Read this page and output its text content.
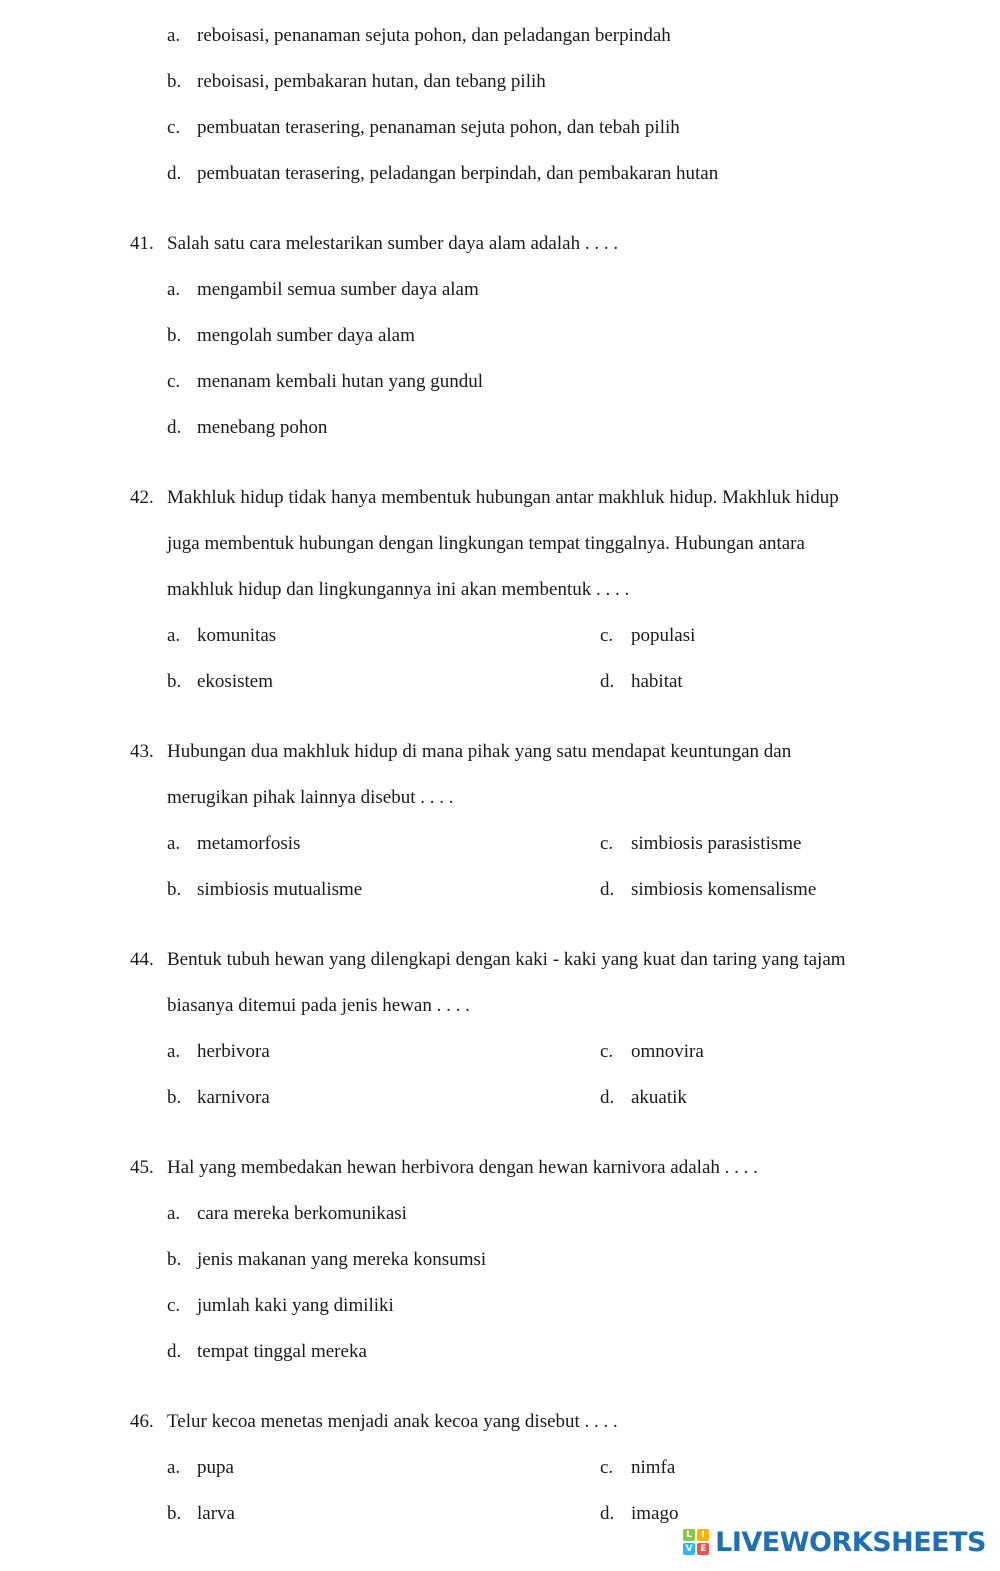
a. reboisasi, penanaman sejuta pohon, dan peladangan berpindah
b. reboisasi, pembakaran hutan, dan tebang pilih
c. pembuatan terasering, penanaman sejuta pohon, dan tebah pilih
d. pembuatan terasering, peladangan berpindah, dan pembakaran hutan
41. Salah satu cara melestarikan sumber daya alam adalah . . . .
a. mengambil semua sumber daya alam
b. mengolah sumber daya alam
c. menanam kembali hutan yang gundul
d. menebang pohon
42. Makhluk hidup tidak hanya membentuk hubungan antar makhluk hidup. Makhluk hidup
juga membentuk hubungan dengan lingkungan tempat tinggalnya. Hubungan antara
makhluk hidup dan lingkungannya ini akan membentuk . . . .
a. komunitas	c. populasi
b. ekosistem	d. habitat
43. Hubungan dua makhluk hidup di mana pihak yang satu mendapat keuntungan dan
merugikan pihak lainnya disebut . . . .
a. metamorfosis	c. simbiosis parasistisme
b. simbiosis mutualisme	d. simbiosis komensalisme
44. Bentuk tubuh hewan yang dilengkapi dengan kaki - kaki yang kuat dan taring yang tajam
biasanya ditemui pada jenis hewan . . . .
a. herbivora	c. omnovira
b. karnivora	d. akuatik
45. Hal yang membedakan hewan herbivora dengan hewan karnivora adalah . . . .
a. cara mereka berkomunikasi
b. jenis makanan yang mereka konsumsi
c. jumlah kaki yang dimiliki
d. tempat tinggal mereka
46. Telur kecoa menetas menjadi anak kecoa yang disebut . . . .
a. pupa	c. nimfa
b. larva	d. imago
L	I
V E LIVEWORKSHEETS
